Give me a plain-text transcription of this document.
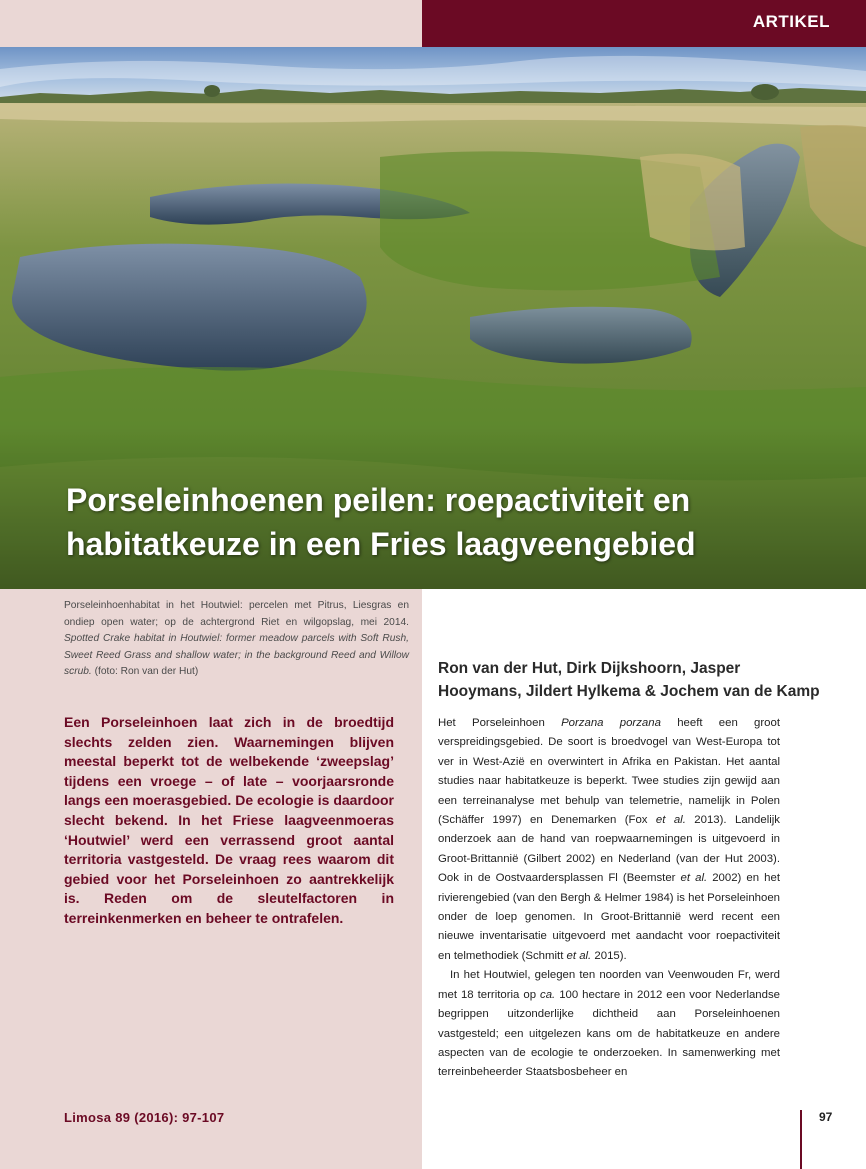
ARTIKEL
Porseleinhoenen peilen: roepactiviteit en habitatkeuze in een Fries laagveengebied
Porseleinhoenhabitat in het Houtwiel: percelen met Pitrus, Liesgras en ondiep open water; op de achtergrond Riet en wilgopslag, mei 2014. Spotted Crake habitat in Houtwiel: former meadow parcels with Soft Rush, Sweet Reed Grass and shallow water; in the background Reed and Willow scrub. (foto: Ron van der Hut)

Een Porseleinhoen laat zich in de broedtijd slechts zelden zien. Waarnemingen blijven meestal beperkt tot de welbekende ‘zweepslag’ tijdens een vroege – of late – voorjaarsronde langs een moerasgebied. De ecologie is daardoor slecht bekend. In het Friese laagveenmoeras ‘Houtwiel’ werd een verrassend groot aantal territoria vastgesteld. De vraag rees waarom dit gebied voor het Porseleinhoen zo aantrekkelijk is. Reden om de sleutelfactoren in terreinkenmerken en beheer te ontrafelen.

Limosa 89 (2016): 97-107
Ron van der Hut, Dirk Dijkshoorn, Jasper Hooymans, Jildert Hylkema & Jochem van de Kamp

Het Porseleinhoen Porzana porzana heeft een groot verspreidingsgebied. De soort is broedvogel van West-Europa tot ver in West-Azië en overwintert in Afrika en Pakistan. Het aantal studies naar habitatkeuze is beperkt. Twee studies zijn gewijd aan een terreinanalyse met behulp van telemetrie, namelijk in Polen (Schäffer 1997) en Denemarken (Fox et al. 2013). Landelijk onderzoek aan de hand van roepwaarnemingen is uitgevoerd in Groot-Brittannië (Gilbert 2002) en Nederland (van der Hut 2003). Ook in de Oostvaardersplassen Fl (Beemster et al. 2002) en het rivierengebied (van den Bergh & Helmer 1984) is het Porseleinhoen onder de loep genomen. In Groot-Brittannië werd recent een nieuwe inventarisatie uitgevoerd met aandacht voor roepactiviteit en telmethodiek (Schmitt et al. 2015).

In het Houtwiel, gelegen ten noorden van Veenwouden Fr, werd met 18 territoria op ca. 100 hectare in 2012 een voor Nederlandse begrippen uitzonderlijke dichtheid aan Porseleinhoenen vastgesteld; een uitgelezen kans om de habitatkeuze en andere aspecten van de ecologie te onderzoeken. In samenwerking met terreinbeheerder Staatsbosbeheer en

97
